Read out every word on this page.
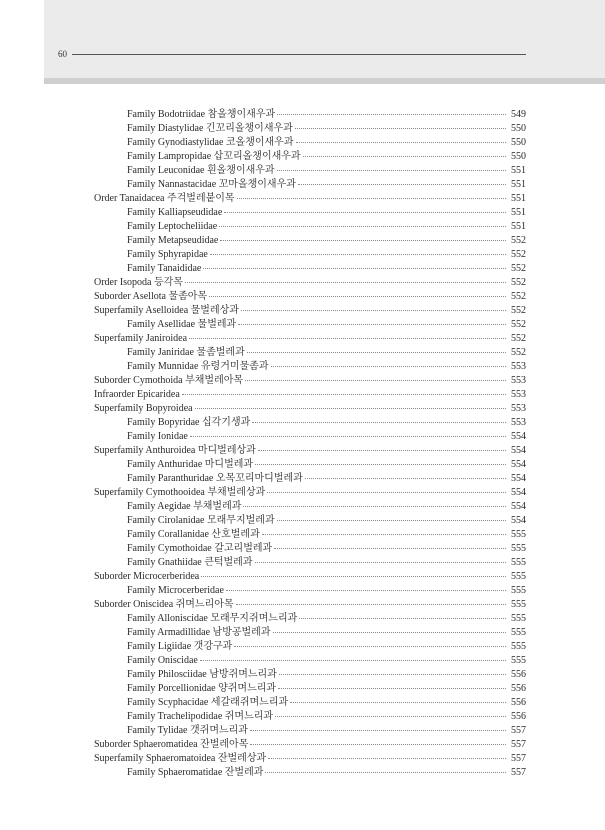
60
Family Bodotriidae 참올챙이새우과	549
Family Diastylidae 긴꼬리올챙이새우과	550
Family Gynodiastylidae 코올챙이새우과	550
Family Lampropidae 삽꼬리올챙이새우과	550
Family Leuconidae 흰올챙이새우과	551
Family Nannastacidae 꼬마올챙이새우과	551
Order Tanaidacea 주걱벌레붙이목	551
Family Kalliapseudidae	551
Family Leptocheliidae	551
Family Metapseudidae	552
Family Sphyrapidae	552
Family Tanaididae	552
Order Isopoda 등각목	552
Suborder Asellota 물좀아목	552
Superfamily Aselloidea 물벌레상과	552
Family Asellidae 물벌레과	552
Superfamily Janiroidea	552
Family Janiridae 물좀벌레과	552
Family Munnidae 유령거미물좀과	553
Suborder Cymothoida 부채벌레아목	553
Infraorder Epicaridea	553
Superfamily Bopyroidea	553
Family Bopyridae 십각기생과	553
Family Ionidae	554
Superfamily Anthuroidea 마디벌레상과	554
Family Anthuridae 마디벌레과	554
Family Paranthuridae 오목꼬리마디벌레과	554
Superfamily Cymothooidea 부채벌레상과	554
Family Aegidae 부채벌레과	554
Family Cirolanidae 모래무지벌레과	554
Family Corallanidae 산호벌레과	555
Family Cymothoidae 갈고리벌레과	555
Family Gnathiidae 큰턱벌레과	555
Suborder Microcerberidea	555
Family Microcerberidae	555
Suborder Oniscidea 쥐며느리아목	555
Family Alloniscidae 모래무지쥐며느리과	555
Family Armadillidae 남방공벌레과	555
Family Ligiidae 갯강구과	555
Family Oniscidae	555
Family Philosciidae 남방쥐며느리과	556
Family Porcellionidae 양쥐며느리과	556
Family Scyphacidae 세갈래쥐며느리과	556
Family Trachelipodidae 쥐며느리과	556
Family Tylidae 갯쥐며느리과	557
Suborder Sphaeromatidea 잔벌레아목	557
Superfamily Sphaeromatoidea 잔벌레상과	557
Family Sphaeromatidae 잔벌레과	557
